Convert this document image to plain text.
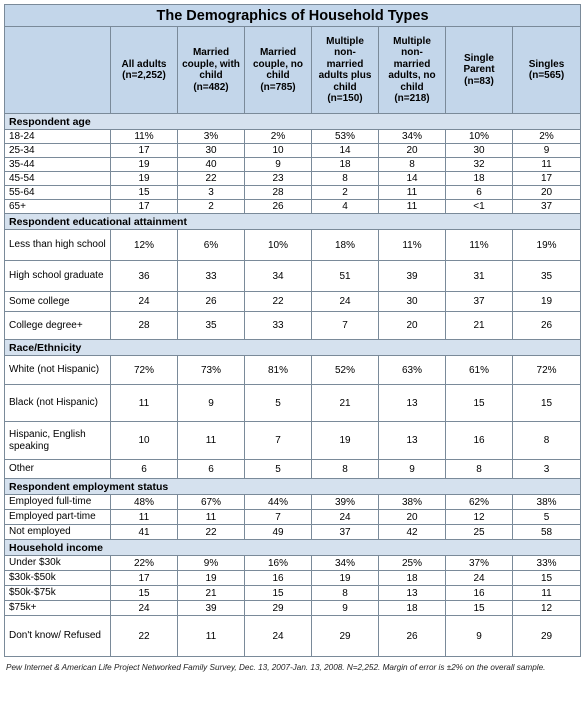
The Demographics of Household Types							
	All adults (n=2,252)	Married couple, with child (n=482)	Married couple, no child (n=785)	Multiple non-married adults plus child (n=150)	Multiple non-married adults, no child (n=218)	Single Parent (n=83)	Singles (n=565)
Respondent age							
18-24	11%	3%	2%	53%	34%	10%	2%
25-34	17	30	10	14	20	30	9
35-44	19	40	9	18	8	32	11
45-54	19	22	23	8	14	18	17
55-64	15	3	28	2	11	6	20
65+	17	2	26	4	11	<1	37
Respondent educational attainment							
Less than high school	12%	6%	10%	18%	11%	11%	19%
High school graduate	36	33	34	51	39	31	35
Some college	24	26	22	24	30	37	19
College degree+	28	35	33	7	20	21	26
Race/Ethnicity							
White (not Hispanic)	72%	73%	81%	52%	63%	61%	72%
Black (not Hispanic)	11	9	5	21	13	15	15
Hispanic, English speaking	10	11	7	19	13	16	8
Other	6	6	5	8	9	8	3
Respondent employment status							
Employed full-time	48%	67%	44%	39%	38%	62%	38%
Employed part-time	11	11	7	24	20	12	5
Not employed	41	22	49	37	42	25	58
Household income							
Under $30k	22%	9%	16%	34%	25%	37%	33%
$30k-$50k	17	19	16	19	18	24	15
$50k-$75k	15	21	15	8	13	16	11
$75k+	24	39	29	9	18	15	12
Don't know/ Refused	22	11	24	29	26	9	29
Pew Internet & American Life Project Networked Family Survey, Dec. 13, 2007-Jan. 13, 2008. N=2,252. Margin of error is ±2% on the overall sample.
